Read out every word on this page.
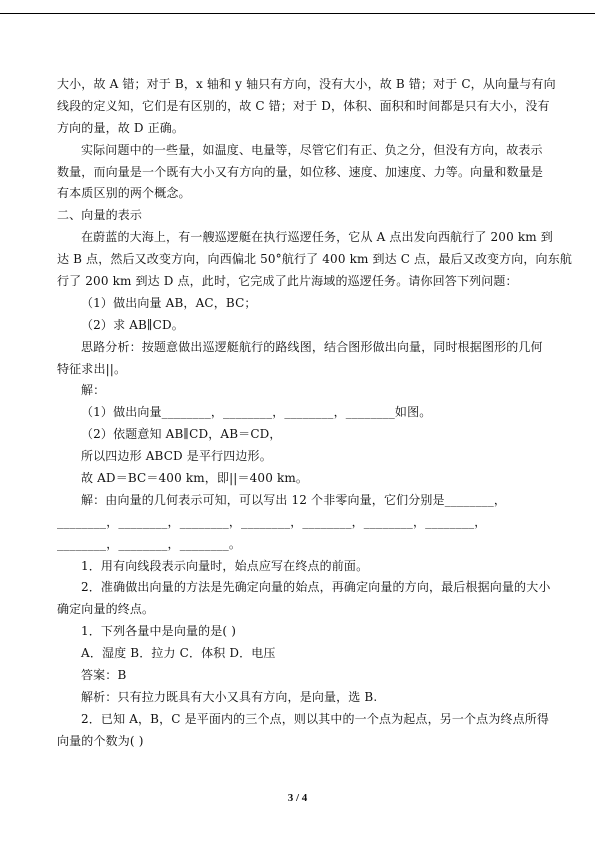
大小，故 A 错；对于 B，x 轴和 y 轴只有方向，没有大小，故 B 错；对于 C，从向量与有向
线段的定义知，它们是有区别的，故 C 错；对于 D，体积、面积和时间都是只有大小，没有
方向的量，故 D 正确。
实际问题中的一些量，如温度、电量等，尽管它们有正、负之分，但没有方向，故表示
数量，而向量是一个既有大小又有方向的量，如位移、速度、加速度、力等。向量和数量是
有本质区别的两个概念。
二、向量的表示
在蔚蓝的大海上，有一艘巡逻艇在执行巡逻任务，它从 A 点出发向西航行了 200 km 到
达 B 点，然后又改变方向，向西偏北 50°航行了 400 km 到达 C 点，最后又改变方向，向东航
行了 200 km 到达 D 点，此时，它完成了此片海域的巡逻任务。请你回答下列问题：
（1）做出向量 AB，AC，BC；
（2）求 AB∥CD。
思路分析：按题意做出巡逻艇航行的路线图，结合图形做出向量，同时根据图形的几何
特征求出||。
解：
（1）做出向量________，________，________，________如图。
（2）依题意知 AB∥CD，AB＝CD，
所以四边形 ABCD 是平行四边形。
故 AD＝BC＝400 km，即||＝400 km。
解：由向量的几何表示可知，可以写出 12 个非零向量，它们分别是________，
________，________，________，________，________，________，________，
________，________，________。
1．用有向线段表示向量时，始点应写在终点的前面。
2．准确做出向量的方法是先确定向量的始点，再确定向量的方向，最后根据向量的大小
确定向量的终点。
1．下列各量中是向量的是( )
A．湿度 B．拉力 C．体积 D．电压
答案：B
解析：只有拉力既具有大小又具有方向，是向量，选 B.
2．已知 A，B，C 是平面内的三个点，则以其中的一个点为起点，另一个点为终点所得
向量的个数为( )
3 / 4
